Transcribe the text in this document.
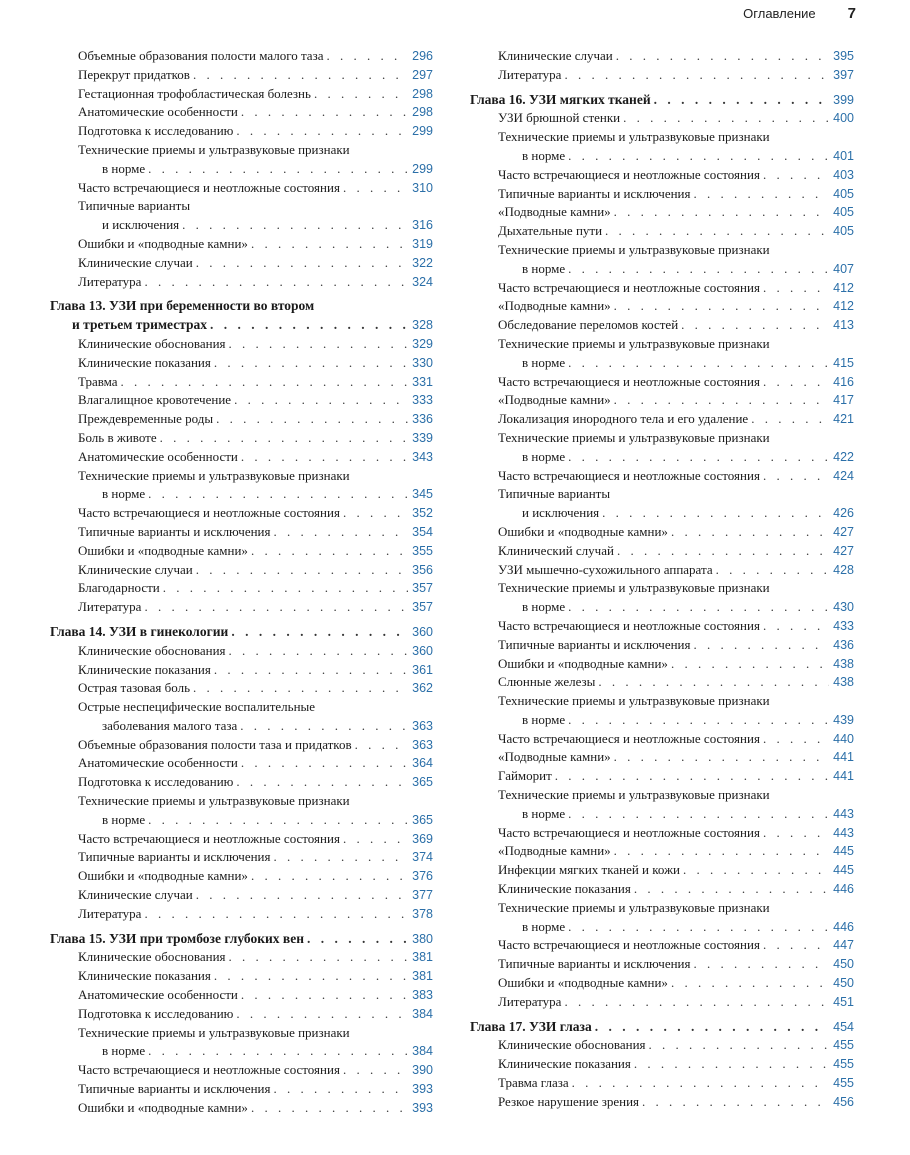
Оглавление 7
Объемные образования полости малого таза . . .	296
Перекрут придатков . . .	297
Гестационная трофобластическая болезнь . . .	298
Анатомические особенности . . .	298
Подготовка к исследованию . . .	299
Технические приемы и ультразвуковые признаки
в норме . . .	299
Часто встречающиеся и неотложные состояния . . .	310
Типичные варианты
и исключения . . .	316
Ошибки и «подводные камни» . . .	319
Клинические случаи . . .	322
Литература . . .	324
Глава 13. УЗИ при беременности во втором
и третьем триместрах . . .	328
Клинические обоснования . . .	329
Клинические показания . . .	330
Травма . . .	331
Влагалищное кровотечение . . .	333
Преждевременные роды . . .	336
Боль в животе . . .	339
Анатомические особенности . . .	343
Технические приемы и ультразвуковые признаки
в норме . . .	345
Часто встречающиеся и неотложные состояния . . .	352
Типичные варианты и исключения . . .	354
Ошибки и «подводные камни» . . .	355
Клинические случаи . . .	356
Благодарности . . .	357
Литература . . .	357
Глава 14. УЗИ в гинекологии . . .	360
Клинические обоснования . . .	360
Клинические показания . . .	361
Острая тазовая боль . . .	362
Острые неспецифические воспалительные
заболевания малого таза . . .	363
Объемные образования полости таза и придатков . . .	363
Анатомические особенности . . .	364
Подготовка к исследованию . . .	365
Технические приемы и ультразвуковые признаки
в норме . . .	365
Часто встречающиеся и неотложные состояния . . .	369
Типичные варианты и исключения . . .	374
Ошибки и «подводные камни» . . .	376
Клинические случаи . . .	377
Литература . . .	378
Глава 15. УЗИ при тромбозе глубоких вен . . .	380
Клинические обоснования . . .	381
Клинические показания . . .	381
Анатомические особенности . . .	383
Подготовка к исследованию . . .	384
Технические приемы и ультразвуковые признаки
в норме . . .	384
Часто встречающиеся и неотложные состояния . . .	390
Типичные варианты и исключения . . .	393
Ошибки и «подводные камни» . . .	393
Клинические случаи . . .	395
Литература . . .	397
Глава 16. УЗИ мягких тканей . . .	399
УЗИ брюшной стенки . . .	400
Технические приемы и ультразвуковые признаки
в норме . . .	401
Часто встречающиеся и неотложные состояния . . .	403
Типичные варианты и исключения . . .	405
«Подводные камни» . . .	405
Дыхательные пути . . .	405
Технические приемы и ультразвуковые признаки
в норме . . .	407
Часто встречающиеся и неотложные состояния . . .	412
«Подводные камни» . . .	412
Обследование переломов костей . . .	413
Технические приемы и ультразвуковые признаки
в норме . . .	415
Часто встречающиеся и неотложные состояния . . .	416
«Подводные камни» . . .	417
Локализация инородного тела и его удаление . . .	421
Технические приемы и ультразвуковые признаки
в норме . . .	422
Часто встречающиеся и неотложные состояния . . .	424
Типичные варианты
и исключения . . .	426
Ошибки и «подводные камни» . . .	427
Клинический случай . . .	427
УЗИ мышечно-сухожильного аппарата . . .	428
Технические приемы и ультразвуковые признаки
в норме . . .	430
Часто встречающиеся и неотложные состояния . . .	433
Типичные варианты и исключения . . .	436
Ошибки и «подводные камни» . . .	438
Слюнные железы . . .	438
Технические приемы и ультразвуковые признаки
в норме . . .	439
Часто встречающиеся и неотложные состояния . . .	440
«Подводные камни» . . .	441
Гайморит . . .	441
Технические приемы и ультразвуковые признаки
в норме . . .	443
Часто встречающиеся и неотложные состояния . . .	443
«Подводные камни» . . .	445
Инфекции мягких тканей и кожи . . .	445
Клинические показания . . .	446
Технические приемы и ультразвуковые признаки
в норме . . .	446
Часто встречающиеся и неотложные состояния . . .	447
Типичные варианты и исключения . . .	450
Ошибки и «подводные камни» . . .	450
Литература . . .	451
Глава 17. УЗИ глаза . . .	454
Клинические обоснования . . .	455
Клинические показания . . .	455
Травма глаза . . .	455
Резкое нарушение зрения . . .	456
